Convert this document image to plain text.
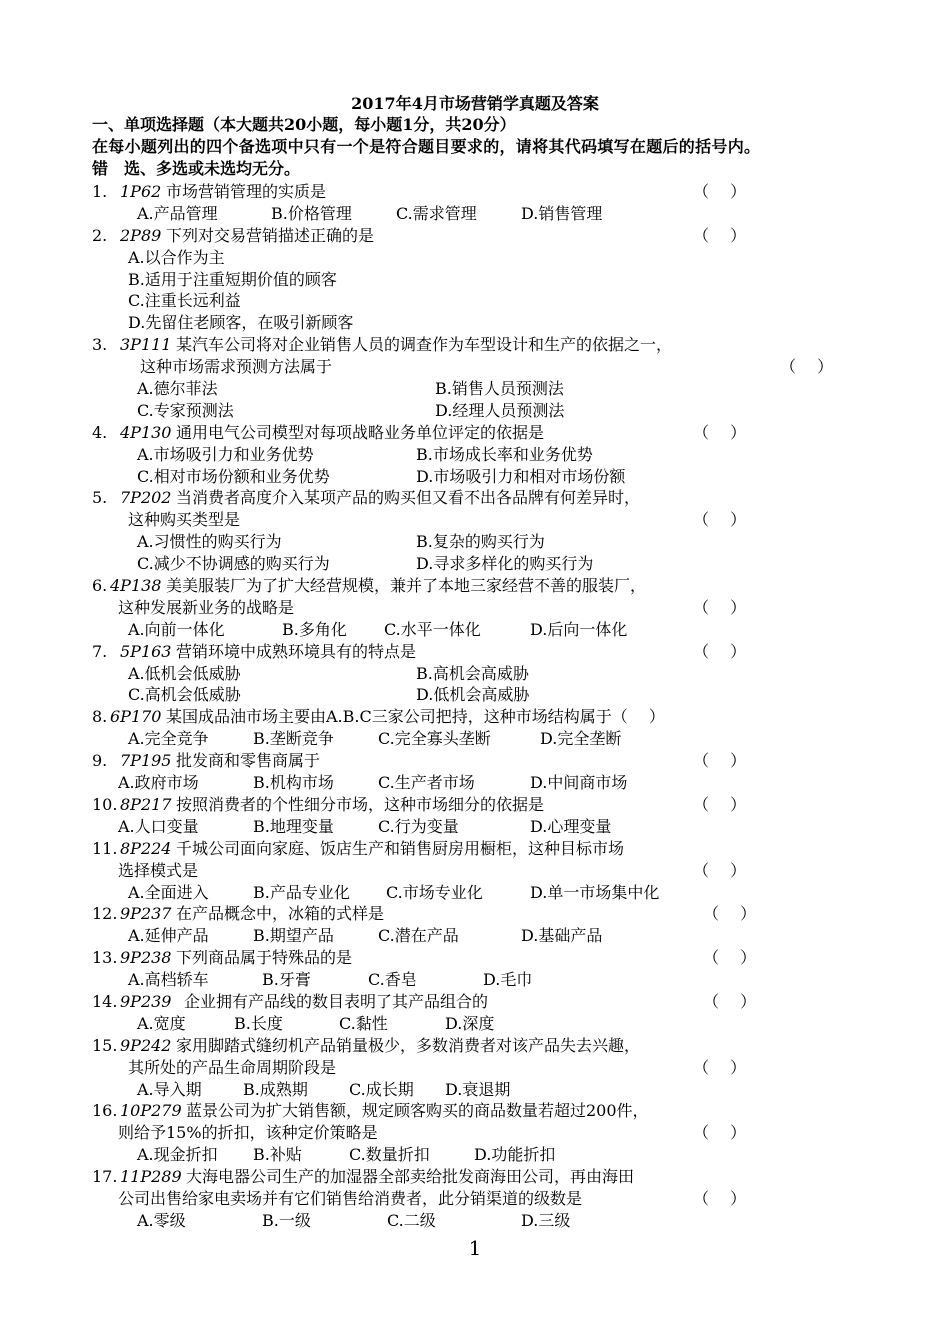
2017年4月市场营销学真题及答案
一、单项选择题（本大题共20小题，每小题1分，共20分）
在每小题列出的四个备选项中只有一个是符合题目要求的，请将其代码填写在题后的括号内。
错　选、多选或未选均无分。
1.　
1P62 市场营销管理的实质是	（　 ）
A.产品管理	B.价格管理	C.需求管理	D.销售管理
2.　
2P89 下列对交易营销描述正确的是	（　 ）
A.以合作为主
B.适用于注重短期价值的顾客
C.注重长远利益
D.先留住老顾客，在吸引新顾客
3.　
3P111 某汽车公司将对企业销售人员的调查作为车型设计和生产的依据之一，
这种市场需求预测方法属于	（　 ）
A.德尔菲法	B.销售人员预测法
C.专家预测法	D.经理人员预测法
4.　
4P130 通用电气公司模型对每项战略业务单位评定的依据是	（　 ）
A.市场吸引力和业务优势	B.市场成长率和业务优势
C.相对市场份额和业务优势	D.市场吸引力和相对市场份额
5.　
7P202 当消费者高度介入某项产品的购买但又看不出各品牌有何差异时，
这种购买类型是	（　 ）
A.习惯性的购买行为	B.复杂的购买行为
C.减少不协调感的购买行为	D.寻求多样化的购买行为
6. 4P138 美美服装厂为了扩大经营规模，兼并了本地三家经营不善的服装厂，
这种发展新业务的战略是	（　 ）
A.向前一体化	B.多角化 C.水平一体化	D.后向一体化
7.　
5P163 营销环境中成熟环境具有的特点是	（　 ）
A.低机会低威胁	B.高机会高威胁
C.高机会低威胁	D.低机会高威胁
8. 6P170 某国成品油市场主要由A.B.C三家公司把持，这种市场结构属于（　 ）
A.完全竞争	B.垄断竞争	C.完全寡头垄断	D.完全垄断
9.　
7P195 批发商和零售商属于	（　 ）
A.政府市场	B.机构市场	C.生产者市场	D.中间商市场
10. 8P217 按照消费者的个性细分市场，这种市场细分的依据是	（　 ）
A.人口变量	B.地理变量	C.行为变量	D.心理变量
11. 8P224 千城公司面向家庭、饭店生产和销售厨房用橱柜，这种目标市场
选择模式是	（　 ）
A.全面进入	B.产品专业化 C.市场专业化	D.单一市场集中化
12. 9P237 在产品概念中，冰箱的式样是	（　 ）
A.延伸产品	B.期望产品	C.潜在产品	D.基础产品
13. 9P238 下列商品属于特殊品的是	（　 ）
A.高档轿车	B.牙膏	C.香皂	D.毛巾
14. 9P239 企业拥有产品线的数目表明了其产品组合的	（　 ）
A.宽度	B.长度	C.黏性	D.深度
15. 9P242 家用脚踏式缝纫机产品销量极少，多数消费者对该产品失去兴趣，
其所处的产品生命周期阶段是	（　 ）
A.导入期	B.成熟期	C.成长期 D.衰退期
16. 10P279 蓝景公司为扩大销售额，规定顾客购买的商品数量若超过200件，
则给予15%的折扣，该种定价策略是	（　 ）
A.现金折扣 B.补贴	C.数量折扣	D.功能折扣
17. 11P289 大海电器公司生产的加湿器全部卖给批发商海田公司，再由海田
公司出售给家电卖场并有它们销售给消费者，此分销渠道的级数是	（　 ）
A.零级	B.一级	C.二级	D.三级
1
